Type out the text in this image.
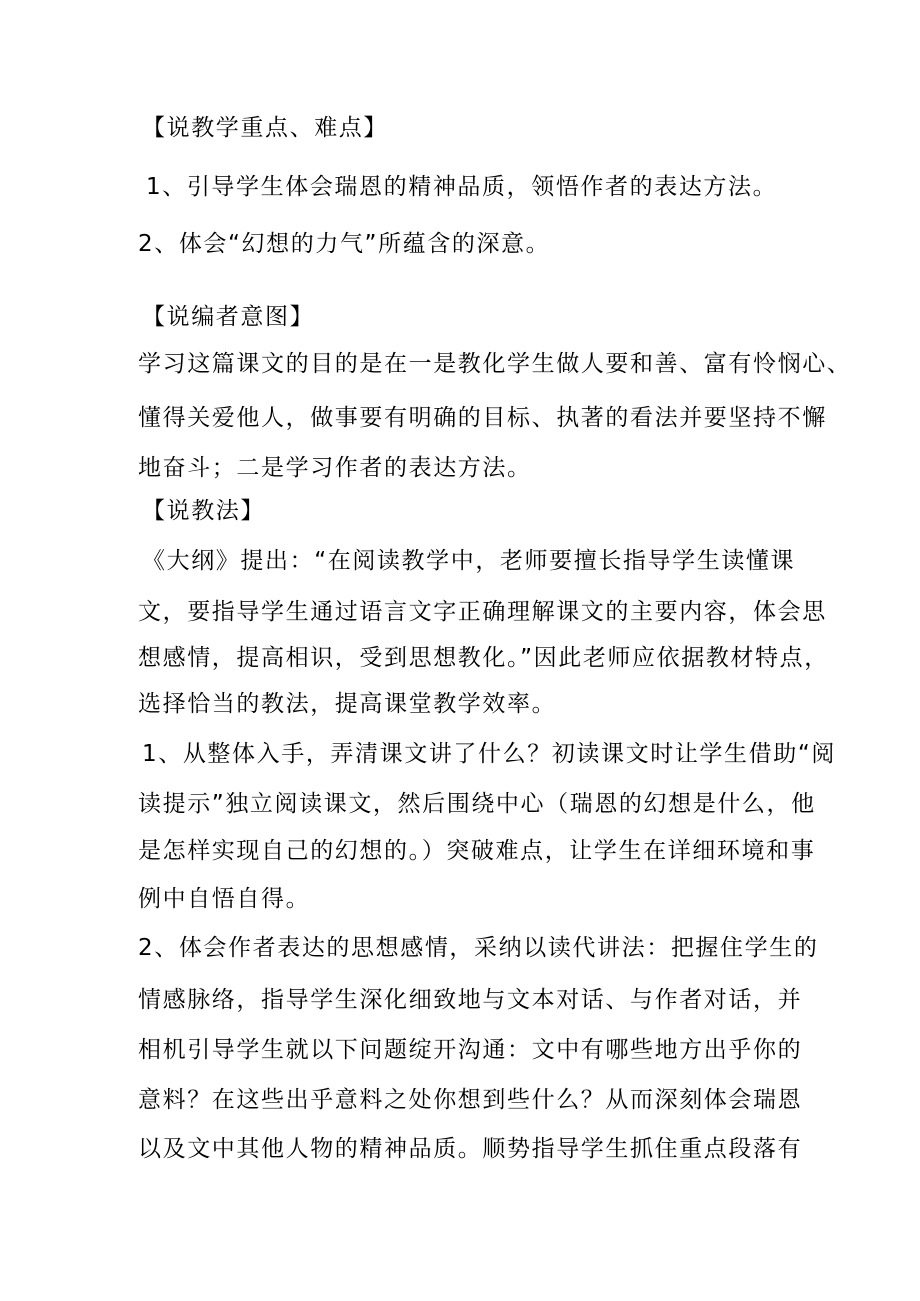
【说教学重点、难点】
1、引导学生体会瑞恩的精神品质，领悟作者的表达方法。
2、体会“幻想的力气”所蕴含的深意。
【说编者意图】
学习这篇课文的目的是在一是教化学生做人要和善、富有怜悯心、
懂得关爱他人，做事要有明确的目标、执著的看法并要坚持不懈
地奋斗；二是学习作者的表达方法。
【说教法】
《大纲》提出：“在阅读教学中，老师要擅长指导学生读懂课
文，要指导学生通过语言文字正确理解课文的主要内容，体会思
想感情，提高相识，受到思想教化。”因此老师应依据教材特点，
选择恰当的教法，提高课堂教学效率。
1、从整体入手，弄清课文讲了什么？初读课文时让学生借助“阅
读提示”独立阅读课文，然后围绕中心（瑞恩的幻想是什么，他
是怎样实现自己的幻想的。）突破难点，让学生在详细环境和事
例中自悟自得。
2、体会作者表达的思想感情，采纳以读代讲法：把握住学生的
情感脉络，指导学生深化细致地与文本对话、与作者对话，并
相机引导学生就以下问题绽开沟通：文中有哪些地方出乎你的
意料？在这些出乎意料之处你想到些什么？从而深刻体会瑞恩
以及文中其他人物的精神品质。顺势指导学生抓住重点段落有
